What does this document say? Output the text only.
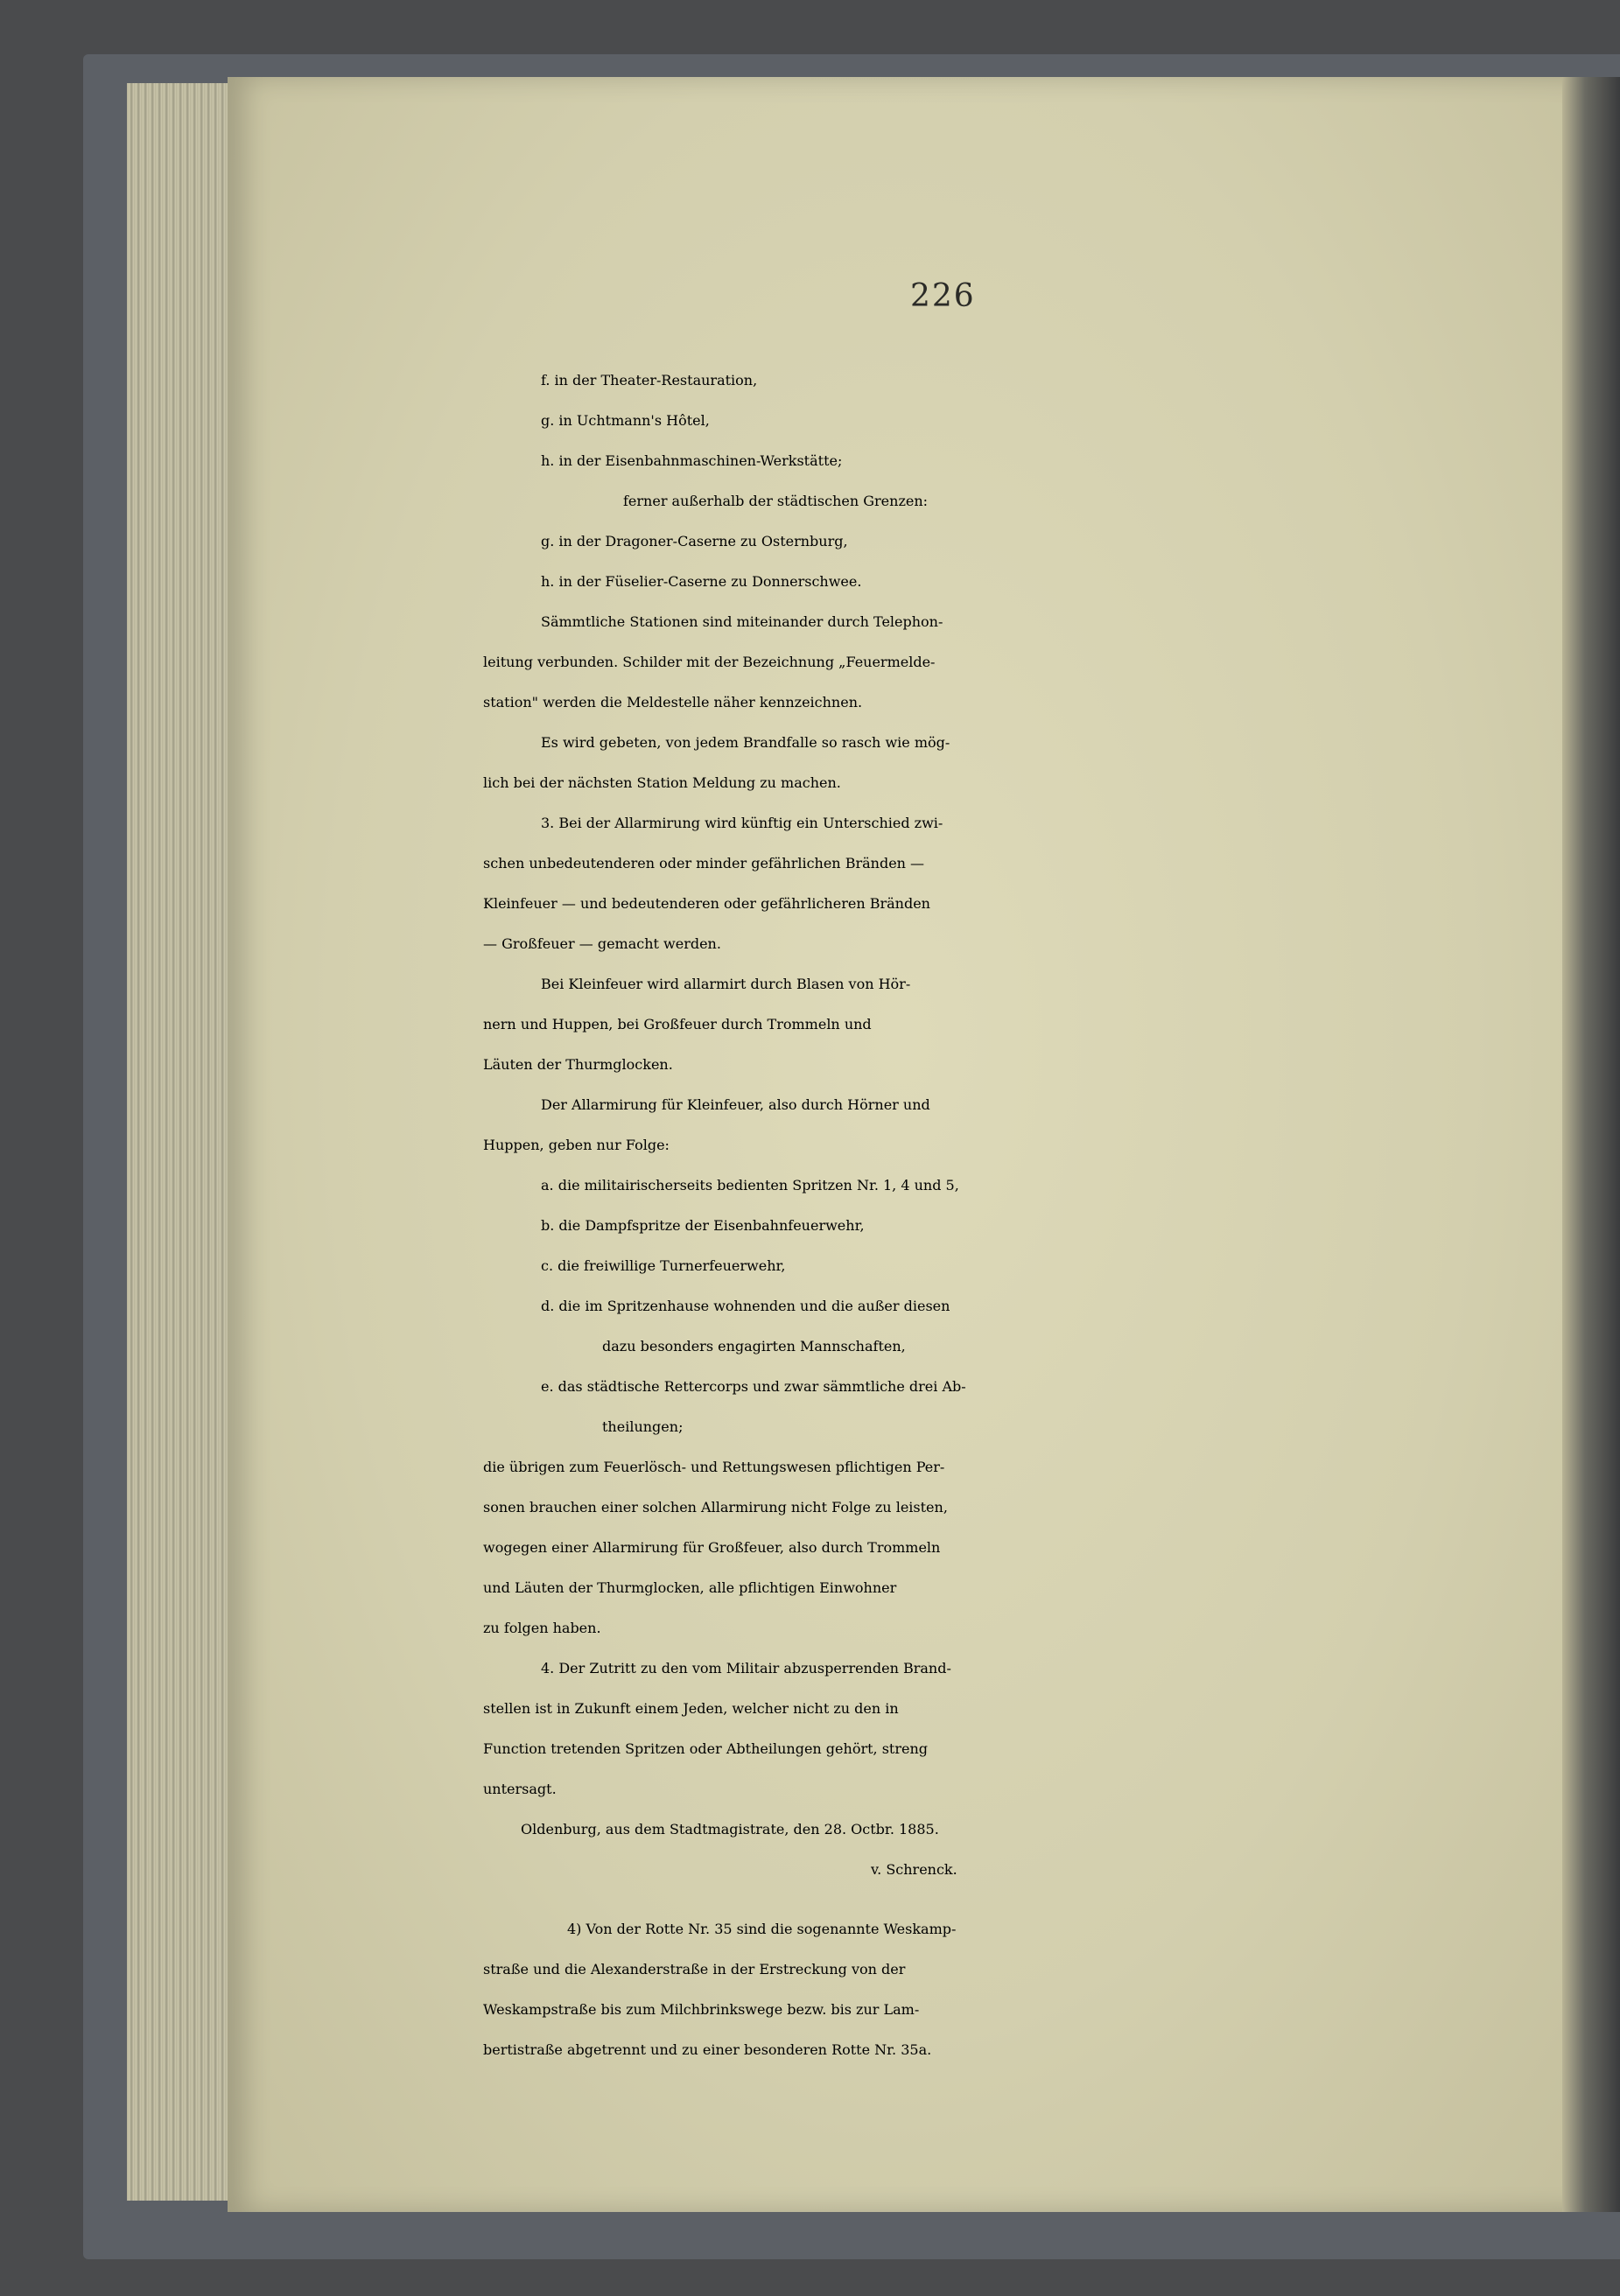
226
f. in der Theater-Restauration,
g. in Uchtmann's Hôtel,
h. in der Eisenbahnmaschinen-Werkstätte;
ferner außerhalb der städtischen Grenzen:
g. in der Dragoner-Caserne zu Osternburg,
h. in der Füselier-Caserne zu Donnerschwee.
Sämmtliche Stationen sind miteinander durch Telephon-
leitung verbunden. Schilder mit der Bezeichnung „Feuermelde-
station" werden die Meldestelle näher kennzeichnen.
Es wird gebeten, von jedem Brandfalle so rasch wie mög-
lich bei der nächsten Station Meldung zu machen.
3. Bei der Allarmirung wird künftig ein Unterschied zwi-
schen unbedeutenderen oder minder gefährlichen Bränden —
Kleinfeuer — und bedeutenderen oder gefährlicheren Bränden
— Großfeuer — gemacht werden.
Bei Kleinfeuer wird allarmirt durch Blasen von Hör-
nern und Huppen, bei Großfeuer durch Trommeln und
Läuten der Thurmglocken.
Der Allarmirung für Kleinfeuer, also durch Hörner und
Huppen, geben nur Folge:
a. die militairischerseits bedienten Spritzen Nr. 1, 4 und 5,
b. die Dampfspritze der Eisenbahnfeuerwehr,
c. die freiwillige Turnerfeuerwehr,
d. die im Spritzenhause wohnenden und die außer diesen
dazu besonders engagirten Mannschaften,
e. das städtische Rettercorps und zwar sämmtliche drei Ab-
theilungen;
die übrigen zum Feuerlösch- und Rettungswesen pflichtigen Per-
sonen brauchen einer solchen Allarmirung nicht Folge zu leisten,
wogegen einer Allarmirung für Großfeuer, also durch Trommeln
und Läuten der Thurmglocken, alle pflichtigen Einwohner
zu folgen haben.
4. Der Zutritt zu den vom Militair abzusperrenden Brand-
stellen ist in Zukunft einem Jeden, welcher nicht zu den in
Function tretenden Spritzen oder Abtheilungen gehört, streng
untersagt.
Oldenburg, aus dem Stadtmagistrate, den 28. Octbr. 1885.
v. Schrenck.
4) Von der Rotte Nr. 35 sind die sogenannte Weskamp-
straße und die Alexanderstraße in der Erstreckung von der
Weskampstraße bis zum Milchbrinkswege bezw. bis zur Lam-
bertistraße abgetrennt und zu einer besonderen Rotte Nr. 35a.
